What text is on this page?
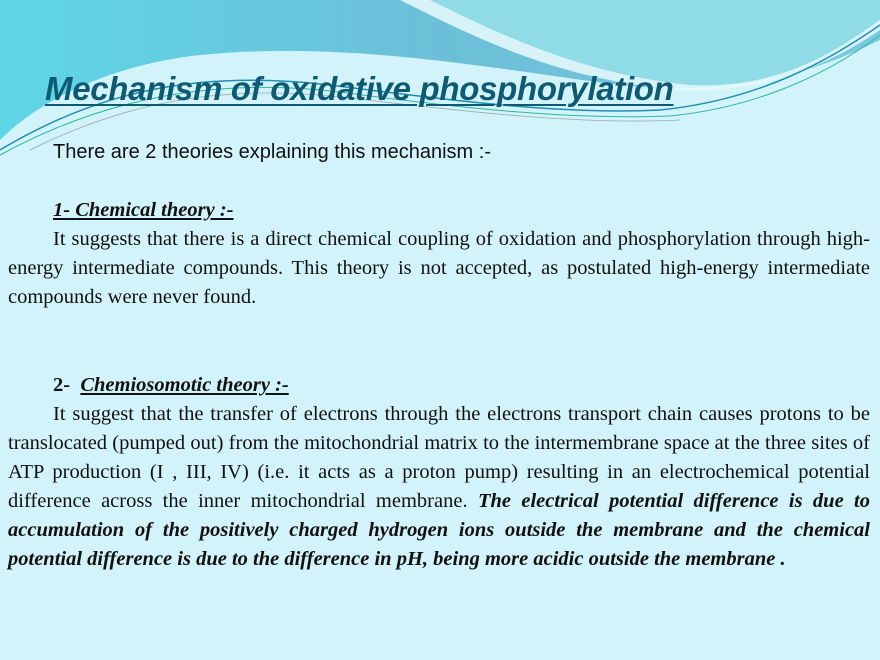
Mechanism of oxidative phosphorylation
There are 2 theories explaining this mechanism :-
1- Chemical theory :-

It suggests that there is a direct chemical coupling of oxidation and phosphorylation through high-energy intermediate compounds. This theory is not accepted, as postulated high-energy intermediate compounds were never found.

2- Chemiosomotic theory :-

It suggest that the transfer of electrons through the electrons transport chain causes protons to be translocated (pumped out) from the mitochondrial matrix to the intermembrane space at the three sites of ATP production (I , III, IV) (i.e. it acts as a proton pump) resulting in an electrochemical potential difference across the inner mitochondrial membrane. The electrical potential difference is due to accumulation of the positively charged hydrogen ions outside the membrane and the chemical potential difference is due to the difference in pH, being more acidic outside the membrane .
